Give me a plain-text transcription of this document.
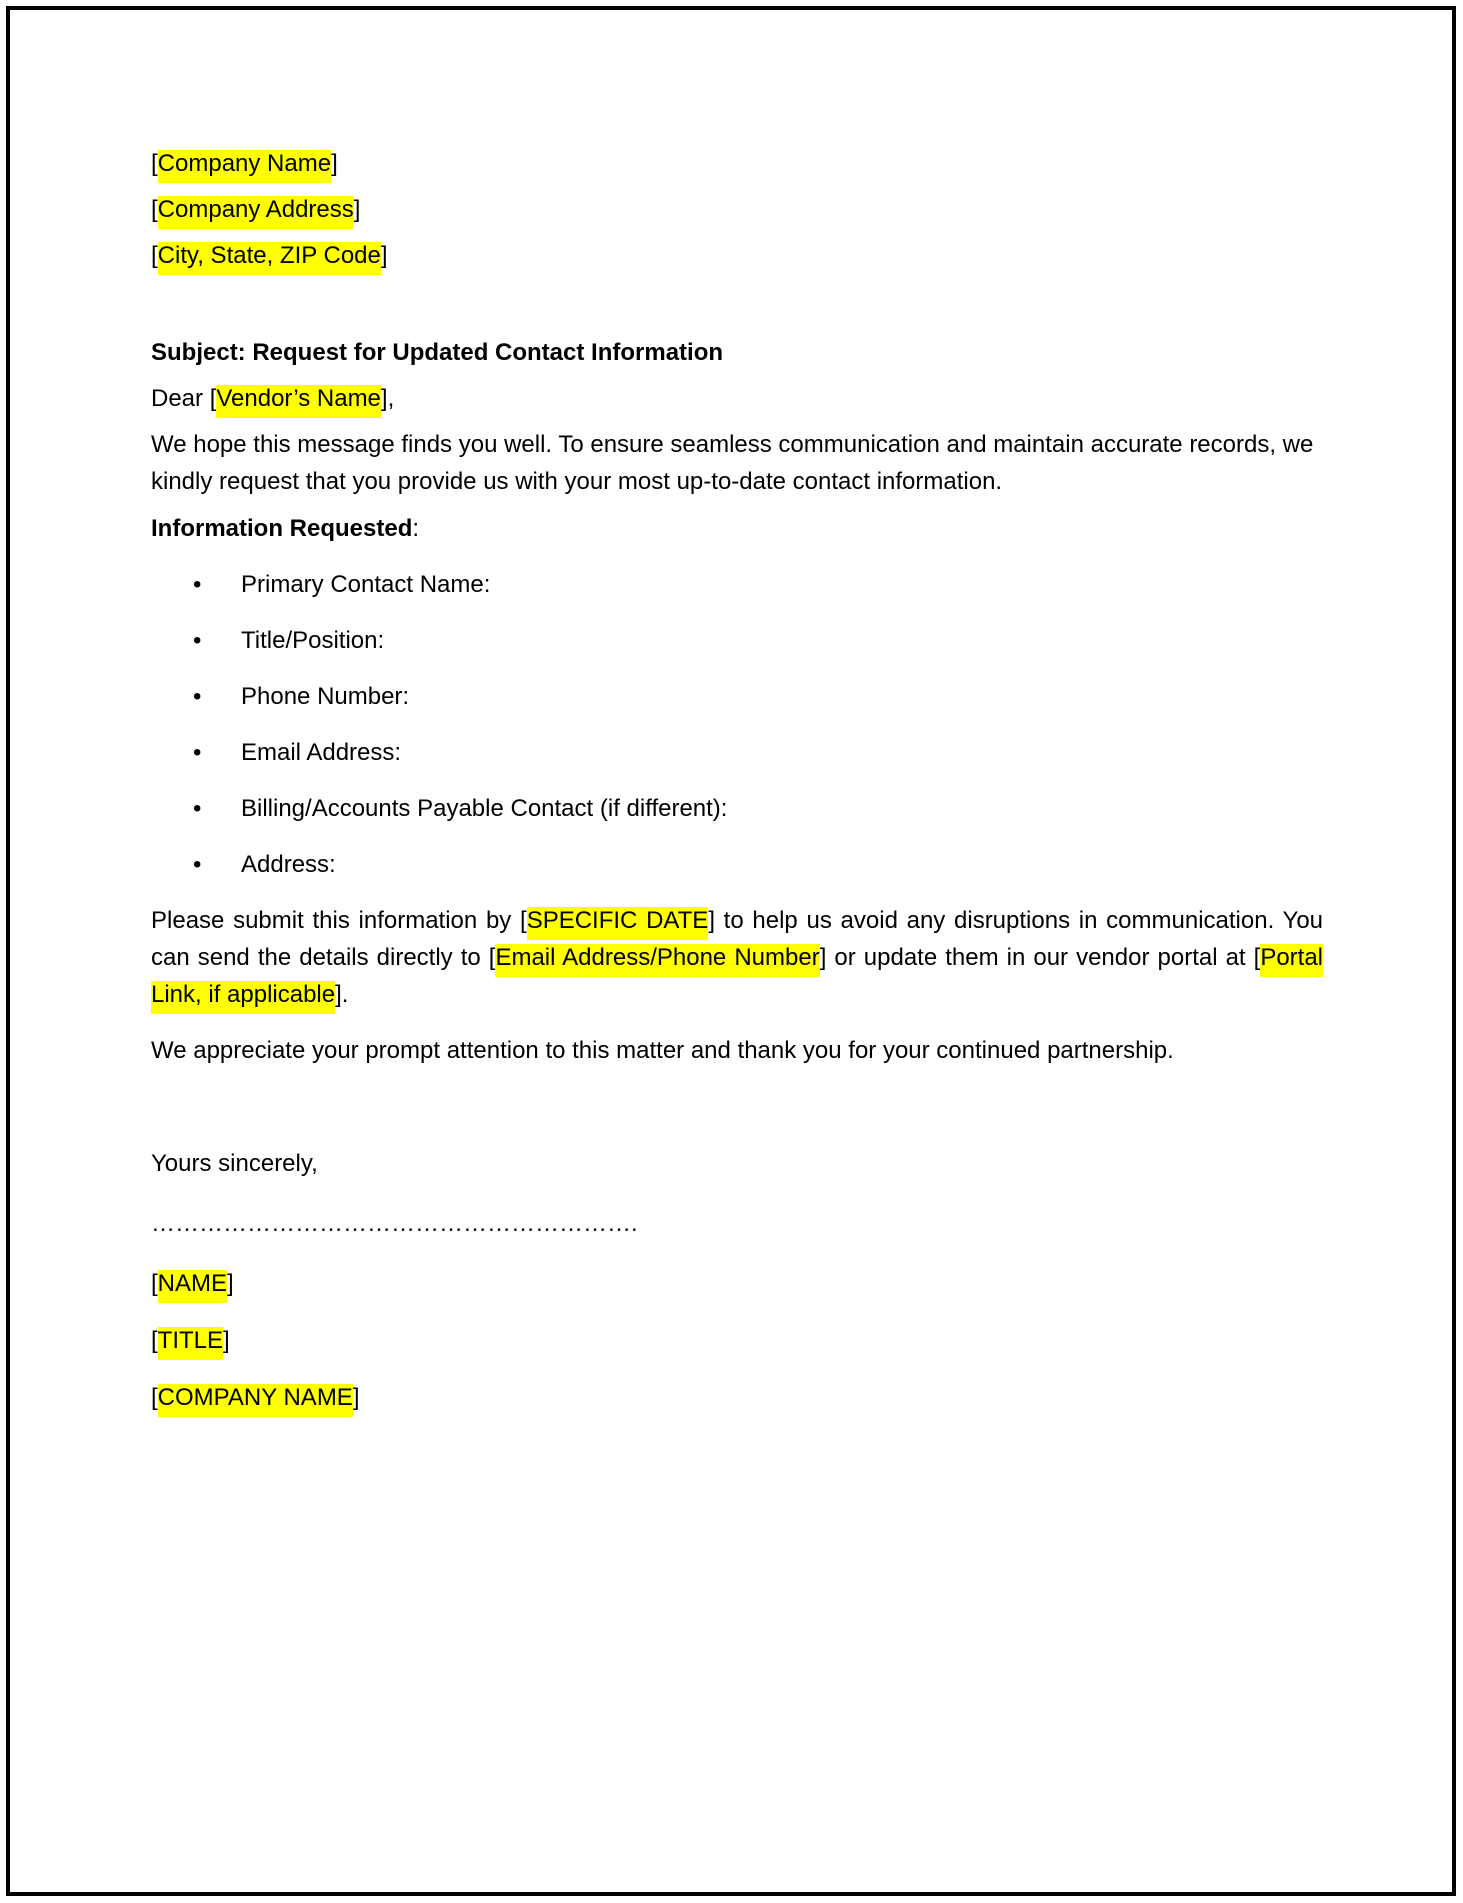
[Company Name]

[Company Address]

[City, State, ZIP Code]

Subject: Request for Updated Contact Information

Dear [Vendor’s Name],

We hope this message finds you well. To ensure seamless communication and maintain accurate records, we kindly request that you provide us with your most up-to-date contact information.

Information Requested:

• Primary Contact Name:
• Title/Position:
• Phone Number:
• Email Address:
• Billing/Accounts Payable Contact (if different):
• Address:

Please submit this information by [SPECIFIC DATE] to help us avoid any disruptions in communication. You can send the details directly to [Email Address/Phone Number] or update them in our vendor portal at [Portal Link, if applicable].

We appreciate your prompt attention to this matter and thank you for your continued partnership.

Yours sincerely,

…………………………………………………….

[NAME]

[TITLE]

[COMPANY NAME]
